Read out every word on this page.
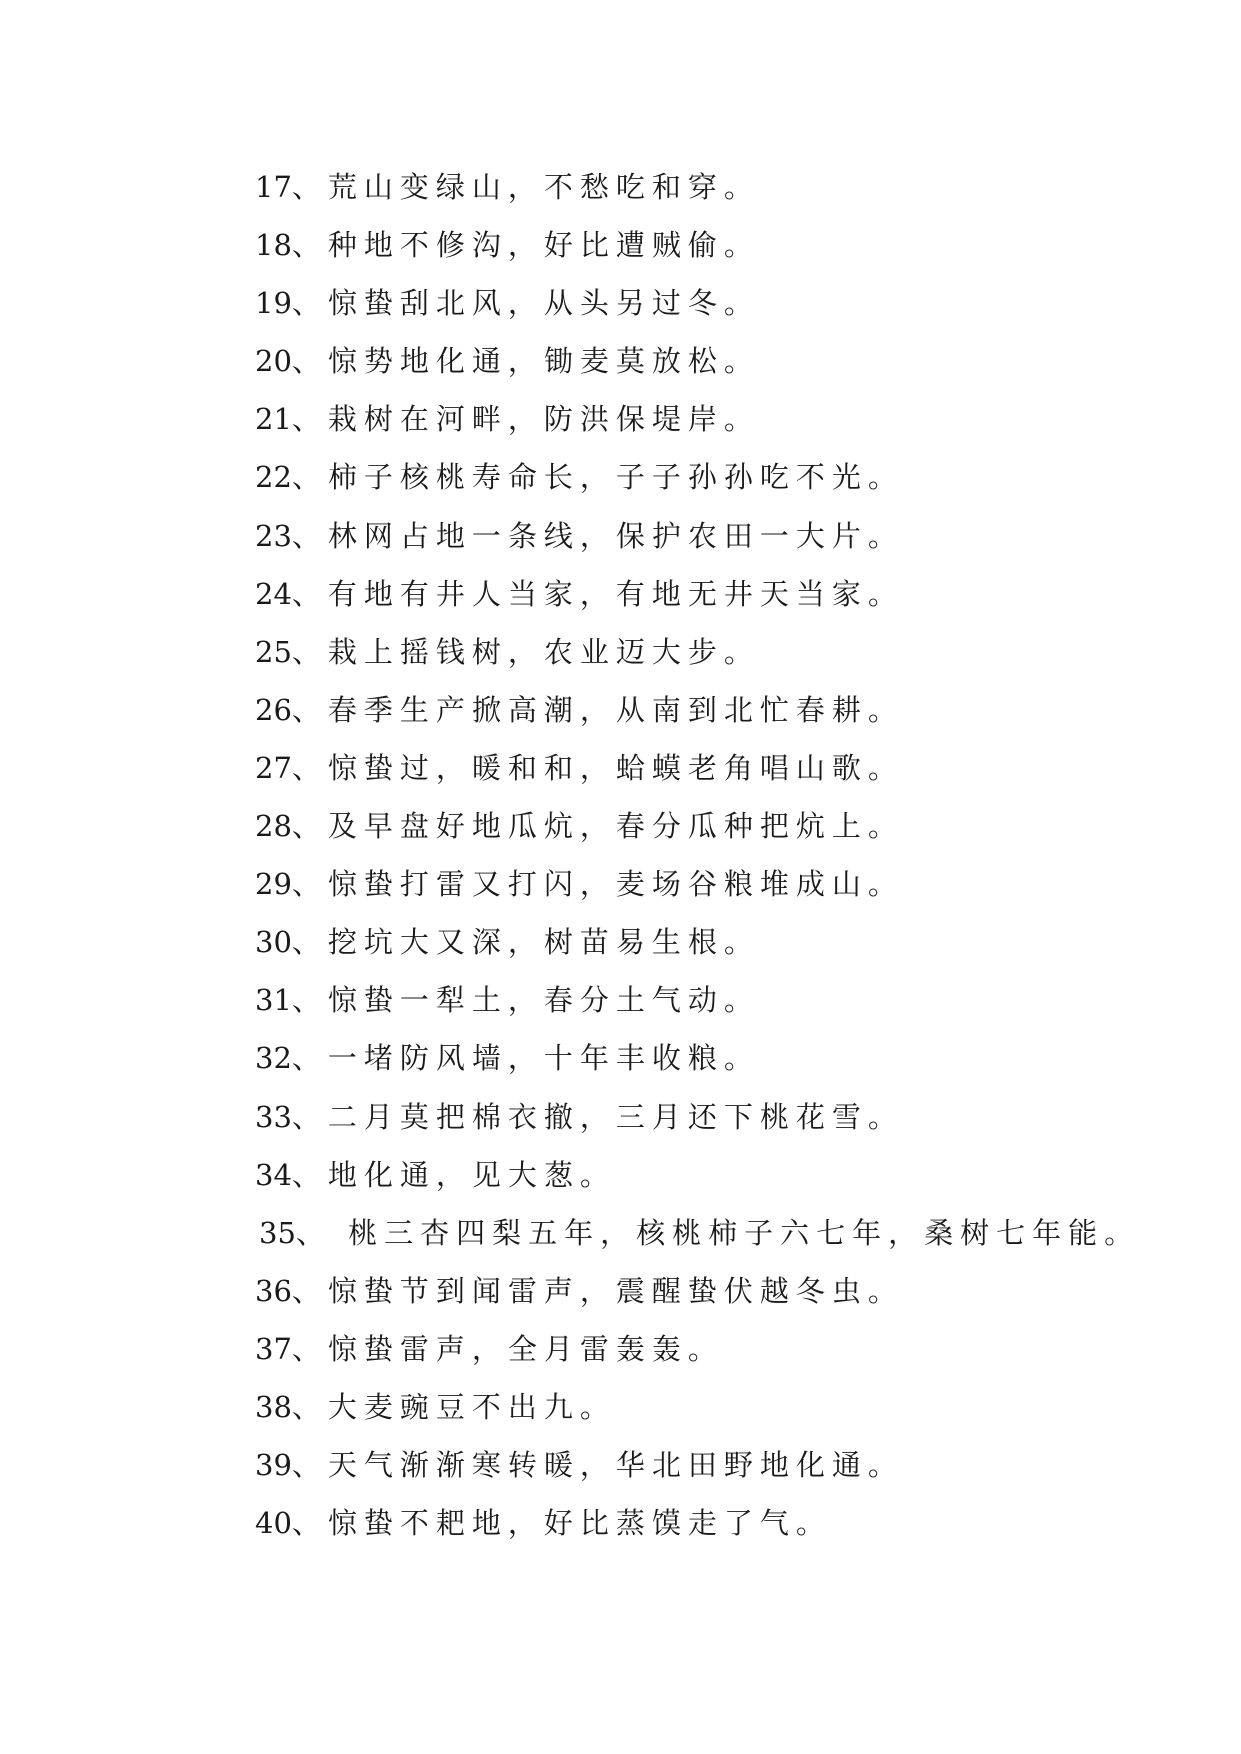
17、荒山变绿山，不愁吃和穿。
18、种地不修沟，好比遭贼偷。
19、惊蛰刮北风，从头另过冬。
20、惊势地化通，锄麦莫放松。
21、栽树在河畔，防洪保堤岸。
22、柿子核桃寿命长，子子孙孙吃不光。
23、林网占地一条线，保护农田一大片。
24、有地有井人当家，有地无井天当家。
25、栽上摇钱树，农业迈大步。
26、春季生产掀高潮，从南到北忙春耕。
27、惊蛰过，暖和和，蛤蟆老角唱山歌。
28、及早盘好地瓜炕，春分瓜种把炕上。
29、惊蛰打雷又打闪，麦场谷粮堆成山。
30、挖坑大又深，树苗易生根。
31、惊蛰一犁土，春分土气动。
32、一堵防风墙，十年丰收粮。
33、二月莫把棉衣撤，三月还下桃花雪。
34、地化通，见大葱。
35、 桃三杏四梨五年，核桃柿子六七年，桑树七年能。
36、惊蛰节到闻雷声，震醒蛰伏越冬虫。
37、惊蛰雷声，全月雷轰轰。
38、大麦豌豆不出九。
39、天气渐渐寒转暖，华北田野地化通。
40、惊蛰不耙地，好比蒸馍走了气。
